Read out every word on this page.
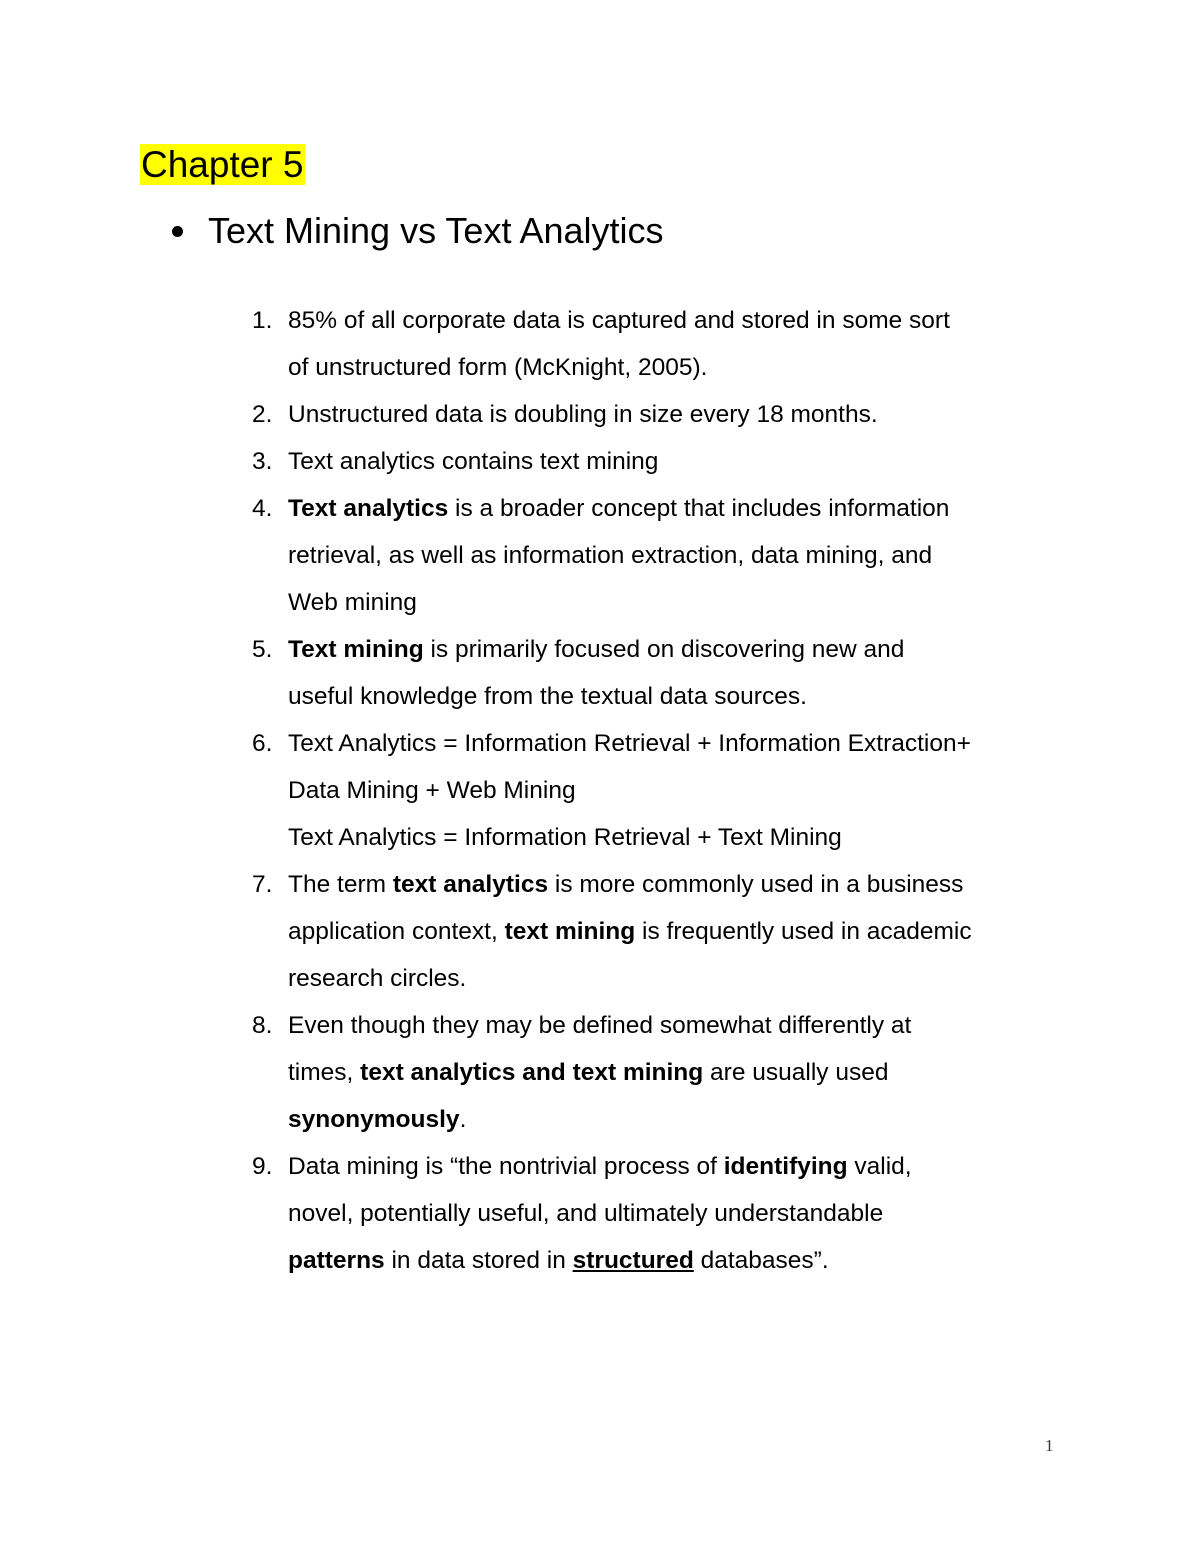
Chapter 5
Text Mining vs Text Analytics
1. 85% of all corporate data is captured and stored in some sort
of unstructured form (McKnight, 2005).
2. Unstructured data is doubling in size every 18 months.
3. Text analytics contains text mining
4. Text analytics is a broader concept that includes information
retrieval, as well as information extraction, data mining, and
Web mining
5. Text mining is primarily focused on discovering new and
useful knowledge from the textual data sources.
6. Text Analytics = Information Retrieval + Information Extraction+
Data Mining + Web Mining
Text Analytics = Information Retrieval + Text Mining
7. The term text analytics is more commonly used in a business
application context, text mining is frequently used in academic
research circles.
8. Even though they may be defined somewhat differently at
times, text analytics and text mining are usually used
synonymously.
9. Data mining is “the nontrivial process of identifying valid,
novel, potentially useful, and ultimately understandable
patterns in data stored in structured databases”.
1
